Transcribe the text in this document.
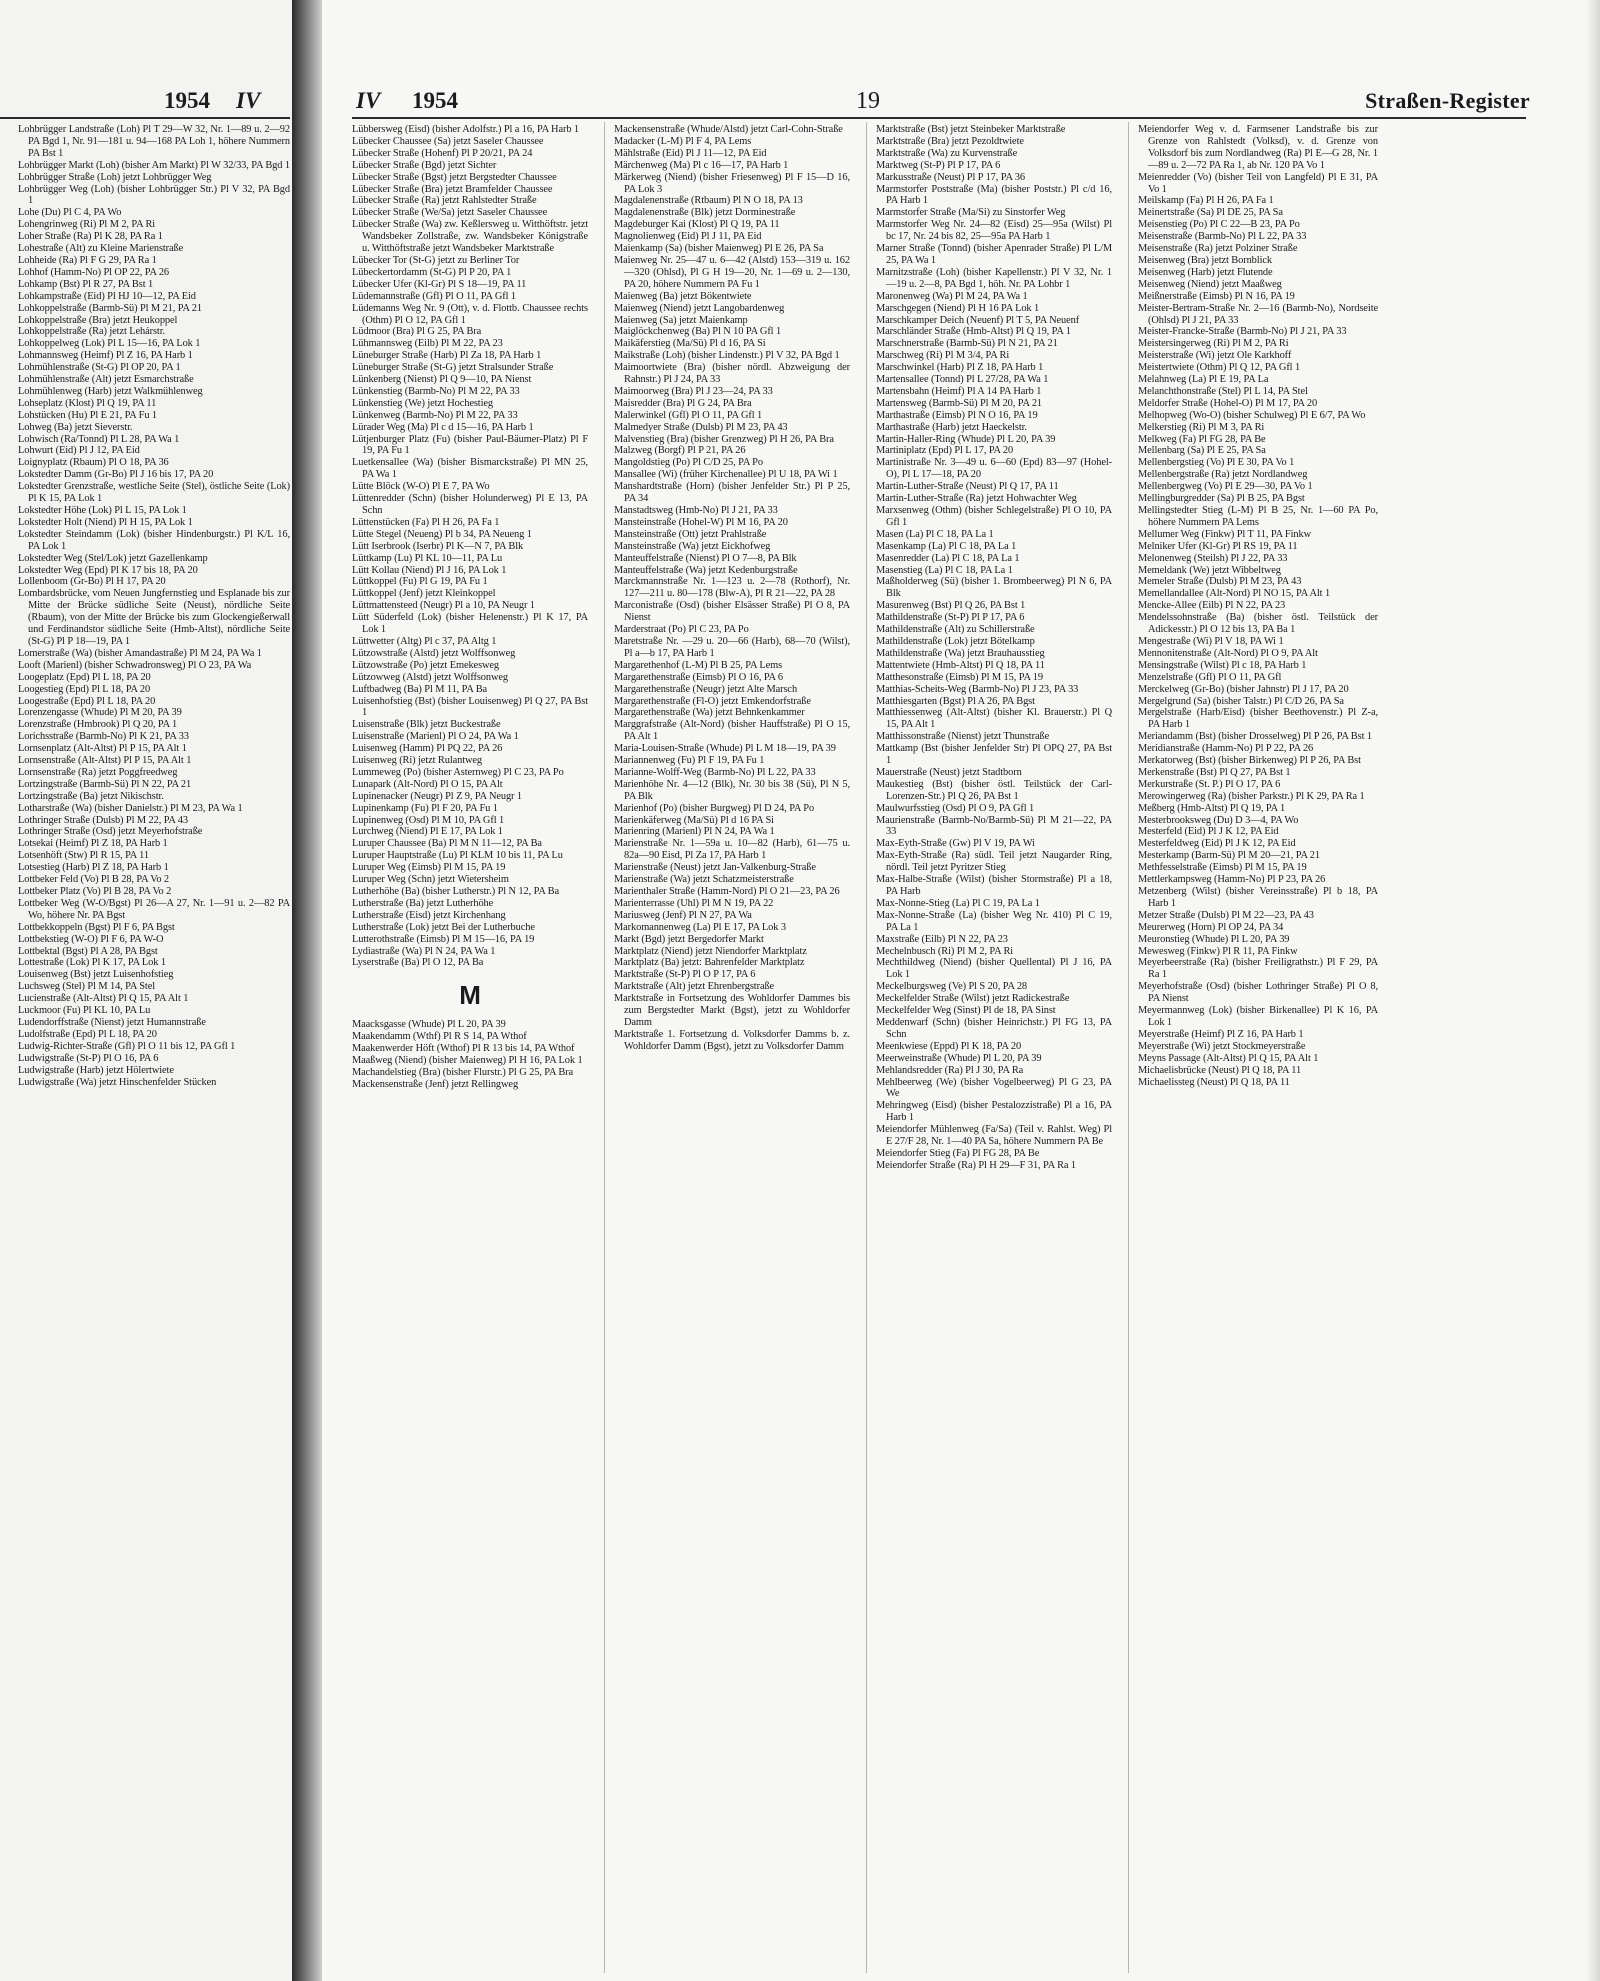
1954 IV

Lohbrügger Landstraße (Loh) Pl T 29—W 32, Nr. 1—89 u. 2—92 PA Bgd 1, Nr. 91—181 u. 94—168 PA Loh 1, höhere Nummern PA Bst 1

Lohbrügger Markt (Loh) (bisher Am Markt) Pl W 32/33, PA Bgd 1

Lohbrügger Straße (Loh) jetzt Lohbrügger Weg

Lohbrügger Weg (Loh) (bisher Lohbrügger Str.) Pl V 32, PA Bgd 1

Lohe (Du) Pl C 4, PA Wo

Lohengrinweg (Ri) Pl M 2, PA Ri

Loher Straße (Ra) Pl K 28, PA Ra 1

Lohestraße (Alt) zu Kleine Marienstraße

Lohheide (Ra) Pl F G 29, PA Ra 1

Lohhof (Hamm-No) Pl OP 22, PA 26

Lohkamp (Bst) Pl R 27, PA Bst 1

Lohkampstraße (Eid) Pl HJ 10—12, PA Eid

Lohkoppelstraße (Barmb-Sü) Pl M 21, PA 21

Lohkoppelstraße (Bra) jetzt Heukoppel

Lohkoppelstraße (Ra) jetzt Lehárstr.

Lohkoppelweg (Lok) Pl L 15—16, PA Lok 1

Lohmannsweg (Heimf) Pl Z 16, PA Harb 1

Lohmühlenstraße (St-G) Pl OP 20, PA 1

Lohmühlenstraße (Alt) jetzt Esmarchstraße

Lohmühlenweg (Harb) jetzt Walkmühlenweg

Lohseplatz (Klost) Pl Q 19, PA 11

Lohstücken (Hu) Pl E 21, PA Fu 1

Lohweg (Ba) jetzt Sieverstr.

Lohwisch (Ra/Tonnd) Pl L 28, PA Wa 1

Lohwurt (Eid) Pl J 12, PA Eid

Loignyplatz (Rbaum) Pl O 18, PA 36

Lokstedter Damm (Gr-Bo) Pl J 16 bis 17, PA 20

Lokstedter Grenzstraße, westliche Seite (Stel), östliche Seite (Lok) Pl K 15, PA Lok 1

Lokstedter Höhe (Lok) Pl L 15, PA Lok 1

Lokstedter Holt (Niend) Pl H 15, PA Lok 1

Lokstedter Steindamm (Lok) (bisher Hindenburgstr.) Pl K/L 16, PA Lok 1

Lokstedter Weg (Stel/Lok) jetzt Gazellenkamp

Lokstedter Weg (Epd) Pl K 17 bis 18, PA 20

Lollenboom (Gr-Bo) Pl H 17, PA 20

Lombardsbrücke, vom Neuen Jungfernstieg und Esplanade bis zur Mitte der Brücke südliche Seite (Neust), nördliche Seite (Rbaum), von der Mitte der Brücke bis zum Glockengießerwall und Ferdinandstor südliche Seite (Hmb-Altst), nördliche Seite (St-G) Pl P 18—19, PA 1

Lomerstraße (Wa) (bisher Amandastraße) Pl M 24, PA Wa 1

Looft (Marienl) (bisher Schwadronsweg) Pl O 23, PA Wa

Loogeplatz (Epd) Pl L 18, PA 20

Loogestieg (Epd) Pl L 18, PA 20

Loogestraße (Epd) Pl L 18, PA 20

Lorenzengasse (Whude) Pl M 20, PA 39

Lorenzstraße (Hmbrook) Pl Q 20, PA 1

Lorichsstraße (Barmb-No) Pl K 21, PA 33

Lornsenplatz (Alt-Altst) Pl P 15, PA Alt 1

Lornsenstraße (Alt-Altst) Pl P 15, PA Alt 1

Lornsenstraße (Ra) jetzt Poggfreedweg

Lortzingstraße (Barmb-Sü) Pl N 22, PA 21

Lortzingstraße (Ba) jetzt Nikischstr.

Lotharstraße (Wa) (bisher Danielstr.) Pl M 23, PA Wa 1

Lothringer Straße (Dulsb) Pl M 22, PA 43

Lothringer Straße (Osd) jetzt Meyerhofstraße

Lotsekai (Heimf) Pl Z 18, PA Harb 1

Lotsenhöft (Stw) Pl R 15, PA 11

Lotsestieg (Harb) Pl Z 18, PA Harb 1

Lottbeker Feld (Vo) Pl B 28, PA Vo 2

Lottbeker Platz (Vo) Pl B 28, PA Vo 2

Lottbeker Weg (W-O/Bgst) Pl 26—A 27, Nr. 1—91 u. 2—82 PA Wo, höhere Nr. PA Bgst

Lottbekkoppeln (Bgst) Pl F 6, PA Bgst

Lottbekstieg (W-O) Pl F 6, PA W-O

Lottbektal (Bgst) Pl A 28, PA Bgst

Lottestraße (Lok) Pl K 17, PA Lok 1

Louisenweg (Bst) jetzt Luisenhofstieg

Luchsweg (Stel) Pl M 14, PA Stel

Lucienstraße (Alt-Altst) Pl Q 15, PA Alt 1

Luckmoor (Fu) Pl KL 10, PA Lu

Ludendorffstraße (Nienst) jetzt Humannstraße

Ludolfstraße (Epd) Pl L 18, PA 20

Ludwig-Richter-Straße (Gfl) Pl O 11 bis 12, PA Gfl 1

Ludwigstraße (St-P) Pl O 16, PA 6

Ludwigstraße (Harb) jetzt Hölertwiete

Ludwigstraße (Wa) jetzt Hinschenfelder Stücken

IV 1954	19	Straßen-Register

Lübbersweg (Eisd) (bisher Adolfstr.) Pl a 16, PA Harb 1

Lübecker Chaussee (Sa) jetzt Saseler Chaussee

Lübecker Straße (Hohenf) Pl P 20/21, PA 24

Lübecker Straße (Bgd) jetzt Sichter

Lübecker Straße (Bgst) jetzt Bergstedter Chaussee

Lübecker Straße (Bra) jetzt Bramfelder Chaussee

Lübecker Straße (Ra) jetzt Rahlstedter Straße

Lübecker Straße (We/Sa) jetzt Saseler Chaussee

Lübecker Straße (Wa) zw. Keßlersweg u. Witthöftstr. jetzt Wandsbeker Zollstraße, zw. Wandsbeker Königstraße u. Witthöftstraße jetzt Wandsbeker Marktstraße

Lübecker Tor (St-G) jetzt zu Berliner Tor

Lübeckertordamm (St-G) Pl P 20, PA 1

Lübecker Ufer (Kl-Gr) Pl S 18—19, PA 11

Lüdemannstraße (Gfl) Pl O 11, PA Gfl 1

Lüdemanns Weg Nr. 9 (Ott), v. d. Flottb. Chaussee rechts (Othm) Pl O 12, PA Gfl 1

Lüdmoor (Bra) Pl G 25, PA Bra

Lühmannsweg (Eilb) Pl M 22, PA 23

Lüneburger Straße (Harb) Pl Za 18, PA Harb 1

Lüneburger Straße (St-G) jetzt Stralsunder Straße

Lünkenberg (Nienst) Pl Q 9—10, PA Nienst

Lünkenstieg (Barmb-No) Pl M 22, PA 33

Lünkenstieg (We) jetzt Hochestieg

Lünkenweg (Barmb-No) Pl M 22, PA 33

Lürader Weg (Ma) Pl c d 15—16, PA Harb 1

Lütjenburger Platz (Fu) (bisher Paul-Bäumer-Platz) Pl F 19, PA Fu 1

Luetkensallee (Wa) (bisher Bismarckstraße) Pl MN 25, PA Wa 1

Lütte Blöck (W-O) Pl E 7, PA Wo

Lüttenredder (Schn) (bisher Holunderweg) Pl E 13, PA Schn

Lüttenstücken (Fa) Pl H 26, PA Fa 1

Lütte Stegel (Neueng) Pl b 34, PA Neueng 1

Lütt Iserbrook (Iserbr) Pl K—N 7, PA Blk

Lüttkamp (Lu) Pl KL 10—11, PA Lu

Lütt Kollau (Niend) Pl J 16, PA Lok 1

Lüttkoppel (Fu) Pl G 19, PA Fu 1

Lüttkoppel (Jenf) jetzt Kleinkoppel

Lüttmattensteed (Neugr) Pl a 10, PA Neugr 1

Lütt Süderfeld (Lok) (bisher Helenenstr.) Pl K 17, PA Lok 1

Lüttwetter (Altg) Pl c 37, PA Altg 1

Lützowstraße (Alstd) jetzt Wolffsonweg

Lützowstraße (Po) jetzt Emekesweg

Lützowweg (Alstd) jetzt Wolffsonweg

Luftbadweg (Ba) Pl M 11, PA Ba

Luisenhofstieg (Bst) (bisher Louisenweg) Pl Q 27, PA Bst 1

Luisenstraße (Blk) jetzt Buckestraße

Luisenstraße (Marienl) Pl O 24, PA Wa 1

Luisenweg (Hamm) Pl PQ 22, PA 26

Luisenweg (Ri) jetzt Rulantweg

Lummeweg (Po) (bisher Asternweg) Pl C 23, PA Po

Lunapark (Alt-Nord) Pl O 15, PA Alt

Lupinenacker (Neugr) Pl Z 9, PA Neugr 1

Lupinenkamp (Fu) Pl F 20, PA Fu 1

Lupinenweg (Osd) Pl M 10, PA Gfl 1

Lurchweg (Niend) Pl E 17, PA Lok 1

Luruper Chaussee (Ba) Pl M N 11—12, PA Ba

Luruper Hauptstraße (Lu) Pl KLM 10 bis 11, PA Lu

Luruper Weg (Eimsb) Pl M 15, PA 19

Luruper Weg (Schn) jetzt Wietersheim

Lutherhöhe (Ba) (bisher Lutherstr.) Pl N 12, PA Ba

Lutherstraße (Ba) jetzt Lutherhöhe

Lutherstraße (Eisd) jetzt Kirchenhang

Lutherstraße (Lok) jetzt Bei der Lutherbuche

Lutterothstraße (Eimsb) Pl M 15—16, PA 19

Lydiastraße (Wa) Pl N 24, PA Wa 1

Lyserstraße (Ba) Pl O 12, PA Ba

M

Maacksgasse (Whude) Pl L 20, PA 39

Maakendamm (Wthf) Pl R S 14, PA Wthof

Maakenwerder Höft (Wthof) Pl R 13 bis 14, PA Wthof

Maaßweg (Niend) (bisher Maienweg) Pl H 16, PA Lok 1

Machandelstieg (Bra) (bisher Flurstr.) Pl G 25, PA Bra

Mackensenstraße (Jenf) jetzt Rellingweg

Mackensenstraße (Whude/Alstd) jetzt Carl-Cohn-Straße

Madacker (L-M) Pl F 4, PA Lems

Mählstraße (Eid) Pl J 11—12, PA Eid

Märchenweg (Ma) Pl c 16—17, PA Harb 1

Märkerweg (Niend) (bisher Friesenweg) Pl F 15—D 16, PA Lok 3

Magdalenenstraße (Rtbaum) Pl N O 18, PA 13

Magdalenenstraße (Blk) jetzt Dorminestraße

Magdeburger Kai (Klost) Pl Q 19, PA 11

Magnolienweg (Eid) Pl J 11, PA Eid

Maienkamp (Sa) (bisher Maienweg) Pl E 26, PA Sa

Maienweg Nr. 25—47 u. 6—42 (Alstd) 153—319 u. 162—320 (Ohlsd), Pl G H 19—20, Nr. 1—69 u. 2—130, PA 20, höhere Nummern PA Fu 1

Maienweg (Ba) jetzt Bökentwiete

Maienweg (Niend) jetzt Langobardenweg

Maienweg (Sa) jetzt Maienkamp

Maiglöckchenweg (Ba) Pl N 10 PA Gfl 1

Maikäferstieg (Ma/Sü) Pl d 16, PA Si

Maikstraße (Loh) (bisher Lindenstr.) Pl V 32, PA Bgd 1

Maimoortwiete (Bra) (bisher nördl. Abzweigung der Rahnstr.) Pl J 24, PA 33

Maimoorweg (Bra) Pl J 23—24, PA 33

Maisredder (Bra) Pl G 24, PA Bra

Malerwinkel (Gfl) Pl O 11, PA Gfl 1

Malmedyer Straße (Dulsb) Pl M 23, PA 43

Malvenstieg (Bra) (bisher Grenzweg) Pl H 26, PA Bra

Malzweg (Borgf) Pl P 21, PA 26

Mangoldstieg (Po) Pl C/D 25, PA Po

Mansallee (Wi) (früher Kirchenallee) Pl U 18, PA Wi 1

Manshardtstraße (Horn) (bisher Jenfelder Str.) Pl P 25, PA 34

Manstadtsweg (Hmb-No) Pl J 21, PA 33

Mansteinstraße (Hohel-W) Pl M 16, PA 20

Mansteinstraße (Ott) jetzt Prahlstraße

Mansteinstraße (Wa) jetzt Eickhofweg

Manteuffelstraße (Nienst) Pl O 7—8, PA Blk

Manteuffelstraße (Wa) jetzt Kedenburgstraße

Marckmannstraße Nr. 1—123 u. 2—78 (Rothorf), Nr. 127—211 u. 80—178 (Blw-A), Pl R 21—22, PA 28

Marconistraße (Osd) (bisher Elsässer Straße) Pl O 8, PA Nienst

Marderstraat (Po) Pl C 23, PA Po

Maretstraße Nr. —29 u. 20—66 (Harb), 68—70 (Wilst), Pl a—b 17, PA Harb 1

Margarethenhof (L-M) Pl B 25, PA Lems

Margarethenstraße (Eimsb) Pl O 16, PA 6

Margarethenstraße (Neugr) jetzt Alte Marsch

Margarethenstraße (Fl-O) jetzt Emkendorfstraße

Margarethenstraße (Wa) jetzt Behnkenkammer

Marggrafstraße (Alt-Nord) (bisher Hauffstraße) Pl O 15, PA Alt 1

Maria-Louisen-Straße (Whude) Pl L M 18—19, PA 39

Mariannenweg (Fu) Pl F 19, PA Fu 1

Marianne-Wolff-Weg (Barmb-No) Pl L 22, PA 33

Marienhöhe Nr. 4—12 (Blk), Nr. 30 bis 38 (Sü), Pl N 5, PA Blk

Marienhof (Po) (bisher Burgweg) Pl D 24, PA Po

Marienkäferweg (Ma/Sü) Pl d 16 PA Si

Marienring (Marienl) Pl N 24, PA Wa 1

Marienstraße Nr. 1—59a u. 10—82 (Harb), 61—75 u. 82a—90 Eisd, Pl Za 17, PA Harb 1

Marienstraße (Neust) jetzt Jan-Valkenburg-Straße

Marienstraße (Wa) jetzt Schatzmeisterstraße

Marienthaler Straße (Hamm-Nord) Pl O 21—23, PA 26

Marienterrasse (Uhl) Pl M N 19, PA 22

Mariusweg (Jenf) Pl N 27, PA Wa

Markomannenweg (La) Pl E 17, PA Lok 3

Markt (Bgd) jetzt Bergedorfer Markt

Marktplatz (Niend) jetzt Niendorfer Marktplatz

Marktplatz (Ba) jetzt: Bahrenfelder Marktplatz

Marktstraße (St-P) Pl O P 17, PA 6

Marktstraße (Alt) jetzt Ehrenbergstraße

Marktstraße in Fortsetzung des Wohldorfer Dammes bis zum Bergstedter Markt (Bgst), jetzt zu Wohldorfer Damm

Marktstraße 1. Fortsetzung d. Volksdorfer Damms b. z. Wohldorfer Damm (Bgst), jetzt zu Volksdorfer Damm

Marktstraße (Bst) jetzt Steinbeker Marktstraße

Marktstraße (Bra) jetzt Pezoldtwiete

Marktstraße (Wa) zu Kurvenstraße

Marktweg (St-P) Pl P 17, PA 6

Markusstraße (Neust) Pl P 17, PA 36

Marmstorfer Poststraße (Ma) (bisher Poststr.) Pl c/d 16, PA Harb 1

Marmstorfer Straße (Ma/Si) zu Sinstorfer Weg

Marmstorfer Weg Nr. 24—82 (Eisd) 25—95a (Wilst) Pl bc 17, Nr. 24 bis 82, 25—95a PA Harb 1

Marner Straße (Tonnd) (bisher Apenrader Straße) Pl L/M 25, PA Wa 1

Marnitzstraße (Loh) (bisher Kapellenstr.) Pl V 32, Nr. 1—19 u. 2—8, PA Bgd 1, höh. Nr. PA Lohbr 1

Maronenweg (Wa) Pl M 24, PA Wa 1

Marschgegen (Niend) Pl H 16 PA Lok 1

Marschkamper Deich (Neuenf) Pl T 5, PA Neuenf

Marschländer Straße (Hmb-Altst) Pl Q 19, PA 1

Marschnerstraße (Barmb-Sü) Pl N 21, PA 21

Marschweg (Ri) Pl M 3/4, PA Ri

Marschwinkel (Harb) Pl Z 18, PA Harb 1

Martensallee (Tonnd) Pl L 27/28, PA Wa 1

Martensbahn (Heimf) Pl A 14 PA Harb 1

Martensweg (Barmb-Sü) Pl M 20, PA 21

Marthastraße (Eimsb) Pl N O 16, PA 19

Marthastraße (Harb) jetzt Haeckelstr.

Martin-Haller-Ring (Whude) Pl L 20, PA 39

Martiniplatz (Epd) Pl L 17, PA 20

Martinistraße Nr. 3—49 u. 6—60 (Epd) 83—97 (Hohel-O), Pl L 17—18, PA 20

Martin-Luther-Straße (Neust) Pl Q 17, PA 11

Martin-Luther-Straße (Ra) jetzt Hohwachter Weg

Marxsenweg (Othm) (bisher Schlegelstraße) Pl O 10, PA Gfl 1

Masen (La) Pl C 18, PA La 1

Masenkamp (La) Pl C 18, PA La 1

Masenredder (La) Pl C 18, PA La 1

Masenstieg (La) Pl C 18, PA La 1

Maßholderweg (Sü) (bisher 1. Brombeerweg) Pl N 6, PA Blk

Masurenweg (Bst) Pl Q 26, PA Bst 1

Mathildenstraße (St-P) Pl P 17, PA 6

Mathildenstraße (Alt) zu Schillerstraße

Mathildenstraße (Lok) jetzt Bötelkamp

Mathildenstraße (Wa) jetzt Brauhausstieg

Mattentwiete (Hmb-Altst) Pl Q 18, PA 11

Matthesonstraße (Eimsb) Pl M 15, PA 19

Matthias-Scheits-Weg (Barmb-No) Pl J 23, PA 33

Matthiesgarten (Bgst) Pl A 26, PA Bgst

Matthiessenweg (Alt-Altst) (bisher Kl. Brauerstr.) Pl Q 15, PA Alt 1

Matthissonstraße (Nienst) jetzt Thunstraße

Mattkamp (Bst (bisher Jenfelder Str) Pl OPQ 27, PA Bst 1

Mauerstraße (Neust) jetzt Stadtborn

Maukestieg (Bst) (bisher östl. Teilstück der Carl-Lorenzen-Str.) Pl Q 26, PA Bst 1

Maulwurfsstieg (Osd) Pl O 9, PA Gfl 1

Maurienstraße (Barmb-No/Barmb-Sü) Pl M 21—22, PA 33

Max-Eyth-Straße (Gw) Pl V 19, PA Wi

Max-Eyth-Straße (Ra) südl. Teil jetzt Naugarder Ring, nördl. Teil jetzt Pyritzer Stieg

Max-Halbe-Straße (Wilst) (bisher Stormstraße) Pl a 18, PA Harb

Max-Nonne-Stieg (La) Pl C 19, PA La 1

Max-Nonne-Straße (La) (bisher Weg Nr. 410) Pl C 19, PA La 1

Maxstraße (Eilb) Pl N 22, PA 23

Mechelnbusch (Ri) Pl M 2, PA Ri

Mechthildweg (Niend) (bisher Quellental) Pl J 16, PA Lok 1

Meckelburgsweg (Ve) Pl S 20, PA 28

Meckelfelder Straße (Wilst) jetzt Radickestraße

Meckelfelder Weg (Sinst) Pl de 18, PA Sinst

Meddenwarf (Schn) (bisher Heinrichstr.) Pl FG 13, PA Schn

Meenkwiese (Eppd) Pl K 18, PA 20

Meerweinstraße (Whude) Pl L 20, PA 39

Mehlandsredder (Ra) Pl J 30, PA Ra

Mehlbeerweg (We) (bisher Vogelbeerweg) Pl G 23, PA We

Mehringweg (Eisd) (bisher Pestalozzistraße) Pl a 16, PA Harb 1

Meiendorfer Mühlenweg (Fa/Sa) (Teil v. Rahlst. Weg) Pl E 27/F 28, Nr. 1—40 PA Sa, höhere Nummern PA Be

Meiendorfer Stieg (Fa) Pl FG 28, PA Be

Meiendorfer Straße (Ra) Pl H 29—F 31, PA Ra 1

Meiendorfer Weg v. d. Farmsener Landstraße bis zur Grenze von Rahlstedt (Volksd), v. d. Grenze von Volksdorf bis zum Nordlandweg (Ra) Pl E—G 28, Nr. 1—89 u. 2—72 PA Ra 1, ab Nr. 120 PA Vo 1

Meienredder (Vo) (bisher Teil von Langfeld) Pl E 31, PA Vo 1

Meilskamp (Fa) Pl H 26, PA Fa 1

Meinertstraße (Sa) Pl DE 25, PA Sa

Meisenstieg (Po) Pl C 22—B 23, PA Po

Meisenstraße (Barmb-No) Pl L 22, PA 33

Meisenstraße (Ra) jetzt Polziner Straße

Meisenweg (Bra) jetzt Bornblick

Meisenweg (Harb) jetzt Flutende

Meisenweg (Niend) jetzt Maaßweg

Meißnerstraße (Eimsb) Pl N 16, PA 19

Meister-Bertram-Straße Nr. 2—16 (Barmb-No), Nordseite (Ohlsd) Pl J 21, PA 33

Meister-Francke-Straße (Barmb-No) Pl J 21, PA 33

Meistersingerweg (Ri) Pl M 2, PA Ri

Meisterstraße (Wi) jetzt Ole Karkhoff

Meistertwiete (Othm) Pl Q 12, PA Gfl 1

Melahnweg (La) Pl E 19, PA La

Melanchthonstraße (Stel) Pl L 14, PA Stel

Meldorfer Straße (Hohel-O) Pl M 17, PA 20

Melhopweg (Wo-O) (bisher Schulweg) Pl E 6/7, PA Wo

Melkerstieg (Ri) Pl M 3, PA Ri

Melkweg (Fa) Pl FG 28, PA Be

Mellenbarg (Sa) Pl E 25, PA Sa

Mellenbergstieg (Vo) Pl E 30, PA Vo 1

Mellenbergstraße (Ra) jetzt Nordlandweg

Mellenbergweg (Vo) Pl E 29—30, PA Vo 1

Mellingburgredder (Sa) Pl B 25, PA Bgst

Mellingstedter Stieg (L-M) Pl B 25, Nr. 1—60 PA Po, höhere Nummern PA Lems

Mellumer Weg (Finkw) Pl T 11, PA Finkw

Melniker Ufer (Kl-Gr) Pl RS 19, PA 11

Melonenweg (Steilsh) Pl J 22, PA 33

Memeldank (We) jetzt Wibbeltweg

Memeler Straße (Dulsb) Pl M 23, PA 43

Memellandallee (Alt-Nord) Pl NO 15, PA Alt 1

Mencke-Allee (Eilb) Pl N 22, PA 23

Mendelssohnstraße (Ba) (bisher östl. Teilstück der Adickesstr.) Pl O 12 bis 13, PA Ba 1

Mengestraße (Wi) Pl V 18, PA Wi 1

Mennonitenstraße (Alt-Nord) Pl O 9, PA Alt

Mensingstraße (Wilst) Pl c 18, PA Harb 1

Menzelstraße (Gfl) Pl O 11, PA Gfl

Merckelweg (Gr-Bo) (bisher Jahnstr) Pl J 17, PA 20

Mergelgrund (Sa) (bisher Talstr.) Pl C/D 26, PA Sa

Mergelstraße (Harb/Eisd) (bisher Beethovenstr.) Pl Z-a, PA Harb 1

Meriandamm (Bst) (bisher Drosselweg) Pl P 26, PA Bst 1

Meridianstraße (Hamm-No) Pl P 22, PA 26

Merkatorweg (Bst) (bisher Birkenweg) Pl P 26, PA Bst

Merkenstraße (Bst) Pl Q 27, PA Bst 1

Merkurstraße (St. P.) Pl O 17, PA 6

Merowingerweg (Ra) (bisher Parkstr.) Pl K 29, PA Ra 1

Meßberg (Hmb-Altst) Pl Q 19, PA 1

Mesterbrooksweg (Du) D 3—4, PA Wo

Mesterfeld (Eid) Pl J K 12, PA Eid

Mesterfeldweg (Eid) Pl J K 12, PA Eid

Mesterkamp (Barm-Sü) Pl M 20—21, PA 21

Methfesselstraße (Eimsb) Pl M 15, PA 19

Mettlerkampsweg (Hamm-No) Pl P 23, PA 26

Metzenberg (Wilst) (bisher Vereinsstraße) Pl b 18, PA Harb 1

Metzer Straße (Dulsb) Pl M 22—23, PA 43

Meurerweg (Horn) Pl OP 24, PA 34

Meuronstieg (Whude) Pl L 20, PA 39

Mewesweg (Finkw) Pl R 11, PA Finkw

Meyerbeerstraße (Ra) (bisher Freiligrathstr.) Pl F 29, PA Ra 1

Meyerhofstraße (Osd) (bisher Lothringer Straße) Pl O 8, PA Nienst

Meyermannweg (Lok) (bisher Birkenallee) Pl K 16, PA Lok 1

Meyerstraße (Heimf) Pl Z 16, PA Harb 1

Meyerstraße (Wi) jetzt Stockmeyerstraße

Meyns Passage (Alt-Altst) Pl Q 15, PA Alt 1

Michaelisbrücke (Neust) Pl Q 18, PA 11

Michaelissteg (Neust) Pl Q 18, PA 11
